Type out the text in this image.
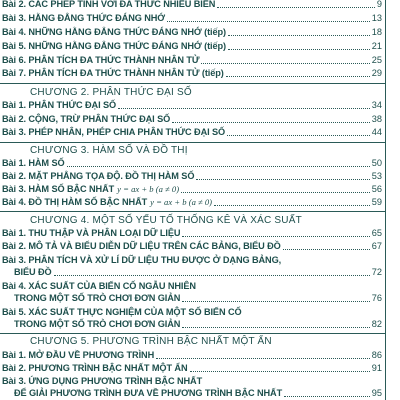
Bài 2. CÁC PHÉP TÍNH VỚI ĐA THỨC NHIỀU BIẾN	9
Bài 3. HẰNG ĐẲNG THỨC ĐÁNG NHỚ	13
Bài 4. NHỮNG HẰNG ĐẲNG THỨC ĐÁNG NHỚ (tiếp)	18
Bài 5. NHỮNG HẰNG ĐẲNG THỨC ĐÁNG NHỚ (tiếp)	21
Bài 6. PHÂN TÍCH ĐA THỨC THÀNH NHÂN TỬ	25
Bài 7. PHÂN TÍCH ĐA THỨC THÀNH NHÂN TỬ (tiếp)	29
CHƯƠNG 2. PHÂN THỨC ĐẠI SỐ
Bài 1. PHÂN THỨC ĐẠI SỐ	34
Bài 2. CỘNG, TRỪ PHÂN THỨC ĐẠI SỐ	38
Bài 3. PHÉP NHÂN, PHÉP CHIA PHÂN THỨC ĐẠI SỐ	44
CHƯƠNG 3. HÀM SỐ VÀ ĐỒ THỊ
Bài 1. HÀM SỐ	50
Bài 2. MẶT PHẲNG TỌA ĐỘ. ĐỒ THỊ HÀM SỐ	53
Bài 3. HÀM SỐ BẬC NHẤT y = ax + b (a ≠ 0)	56
Bài 4. ĐỒ THỊ HÀM SỐ BẬC NHẤT y = ax + b (a ≠ 0)	59
CHƯƠNG 4. MỘT SỐ YẾU TỐ THỐNG KÊ VÀ XÁC SUẤT
Bài 1. THU THẬP VÀ PHÂN LOẠI DỮ LIỆU	65
Bài 2. MÔ TẢ VÀ BIỂU DIỄN DỮ LIỆU TRÊN CÁC BẢNG, BIỂU ĐỒ	67
Bài 3. PHÂN TÍCH VÀ XỬ LÍ DỮ LIỆU THU ĐƯỢC Ở DẠNG BẢNG,
BIỂU ĐỒ	72
Bài 4. XÁC SUẤT CỦA BIẾN CỐ NGẪU NHIÊN
TRONG MỘT SỐ TRÒ CHƠI ĐƠN GIẢN	76
Bài 5. XÁC SUẤT THỰC NGHIỆM CỦA MỘT SỐ BIẾN CỐ
TRONG MỘT SỐ TRÒ CHƠI ĐƠN GIẢN	82
CHƯƠNG 5. PHƯƠNG TRÌNH BẬC NHẤT MỘT ẨN
Bài 1. MỞ ĐẦU VỀ PHƯƠNG TRÌNH	86
Bài 2. PHƯƠNG TRÌNH BẬC NHẤT MỘT ẨN	91
Bài 3. ỨNG DỤNG PHƯƠNG TRÌNH BẬC NHẤT
ĐỂ GIẢI PHƯƠNG TRÌNH ĐƯA VỀ PHƯƠNG TRÌNH BẬC NHẤT	95
